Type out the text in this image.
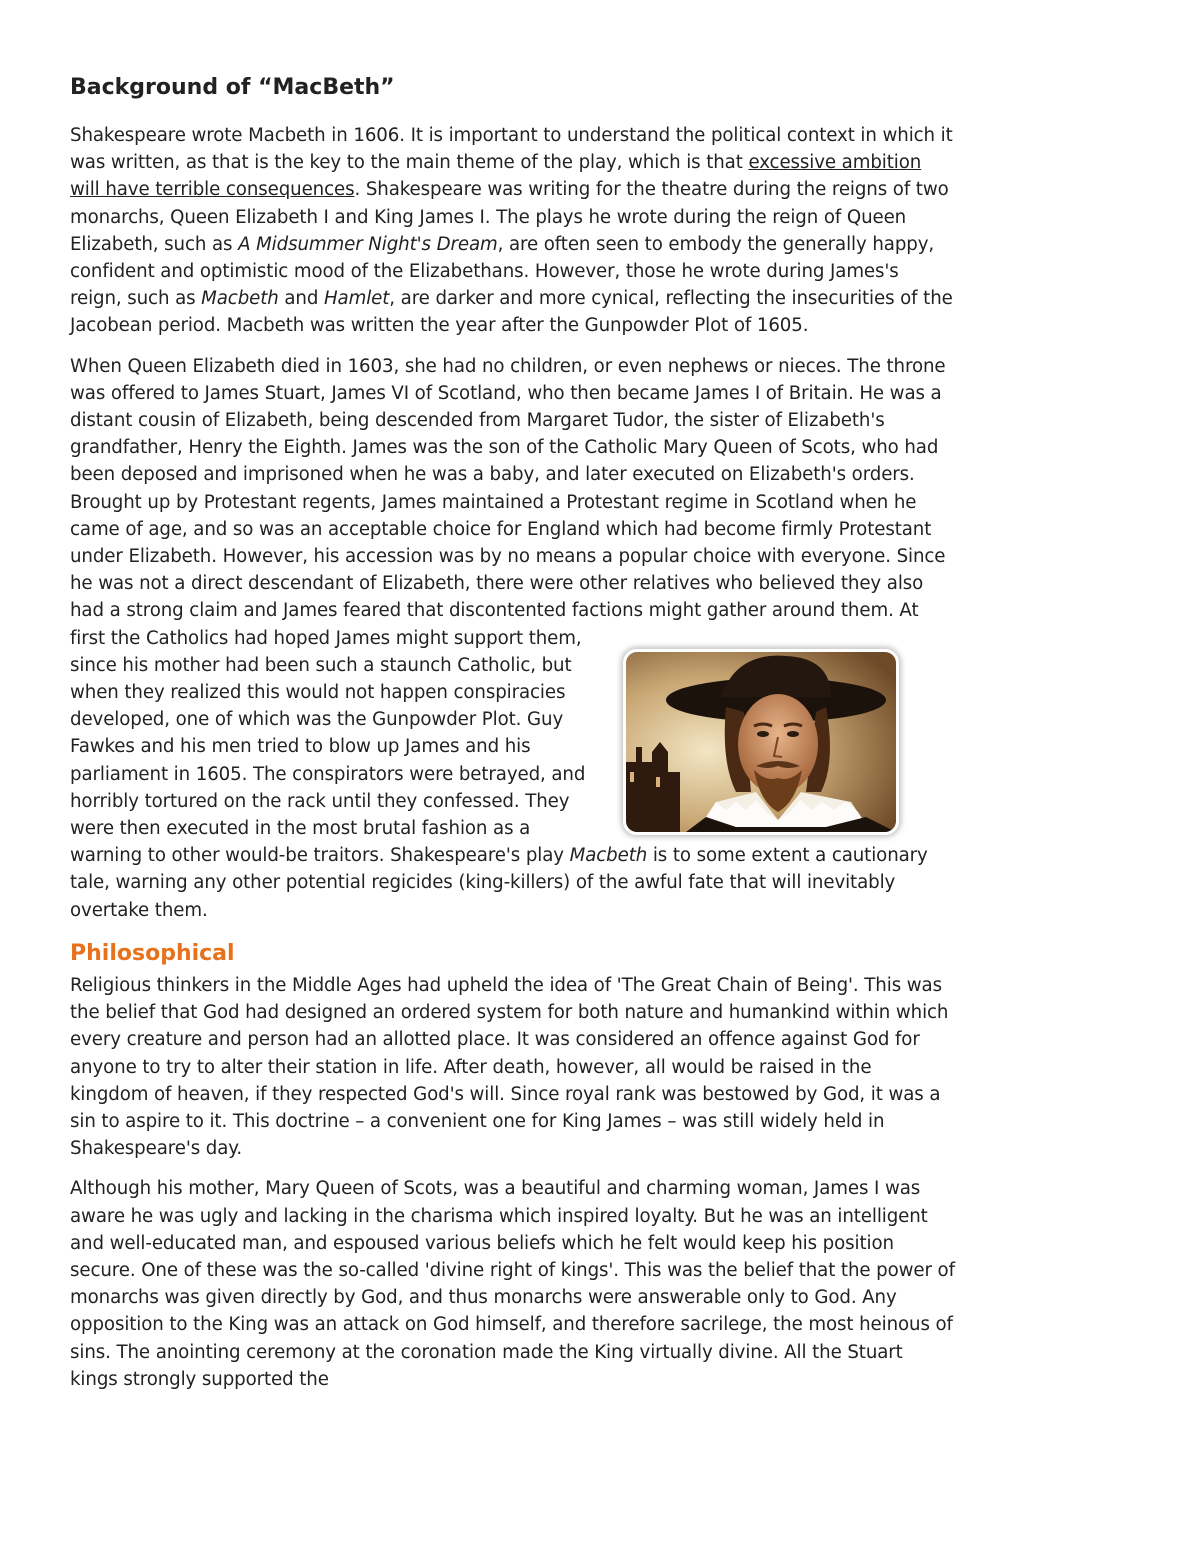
Background of “MacBeth”

Shakespeare wrote Macbeth in 1606. It is important to understand the political context in which it was written, as that is the key to the main theme of the play, which is that excessive ambition will have terrible consequences. Shakespeare was writing for the theatre during the reigns of two monarchs, Queen Elizabeth I and King James I. The plays he wrote during the reign of Queen Elizabeth, such as A Midsummer Night's Dream, are often seen to embody the generally happy, confident and optimistic mood of the Elizabethans. However, those he wrote during James's reign, such as Macbeth and Hamlet, are darker and more cynical, reflecting the insecurities of the Jacobean period. Macbeth was written the year after the Gunpowder Plot of 1605.

When Queen Elizabeth died in 1603, she had no children, or even nephews or nieces. The throne was offered to James Stuart, James VI of Scotland, who then became James I of Britain. He was a distant cousin of Elizabeth, being descended from Margaret Tudor, the sister of Elizabeth's grandfather, Henry the Eighth. James was the son of the Catholic Mary Queen of Scots, who had been deposed and imprisoned when he was a baby, and later executed on Elizabeth's orders. Brought up by Protestant regents, James maintained a Protestant regime in Scotland when he came of age, and so was an acceptable choice for England which had become firmly Protestant under Elizabeth. However, his accession was by no means a popular choice with everyone. Since he was not a direct descendant of Elizabeth, there were other relatives who believed they also had a strong claim and James feared that discontented factions might gather around
them. At first the Catholics had hoped James might support them, since his mother had been such a staunch Catholic, but when they realized this would not happen conspiracies developed, one of which was the Gunpowder Plot. Guy Fawkes and his men tried to blow up James and his parliament in 1605. The conspirators were betrayed, and horribly tortured on the rack until they confessed. They were then executed in the most brutal fashion as a warning to other would-be traitors. Shakespeare's play Macbeth is to some extent a cautionary tale, warning any other potential regicides (king-killers) of the awful fate that will inevitably overtake them.

Philosophical

Religious thinkers in the Middle Ages had upheld the idea of 'The Great Chain of Being'. This was the belief that God had designed an ordered system for both nature and humankind within which every creature and person had an allotted place. It was considered an offence against God for anyone to try to alter their station in life. After death, however, all would be raised in the kingdom of heaven, if they respected God's will. Since royal rank was bestowed by God, it was a sin to aspire to it. This doctrine – a convenient one for King James – was still widely held in Shakespeare's day.

Although his mother, Mary Queen of Scots, was a beautiful and charming woman, James I was aware he was ugly and lacking in the charisma which inspired loyalty. But he was an intelligent and well-educated man, and espoused various beliefs which he felt would keep his position secure. One of these was the so-called 'divine right of kings'. This was the belief that the power of monarchs was given directly by God, and thus monarchs were answerable only to God. Any opposition to the King was an attack on God himself, and therefore sacrilege, the most heinous of sins. The anointing ceremony at the coronation made the King virtually divine. All the Stuart kings strongly supported the
